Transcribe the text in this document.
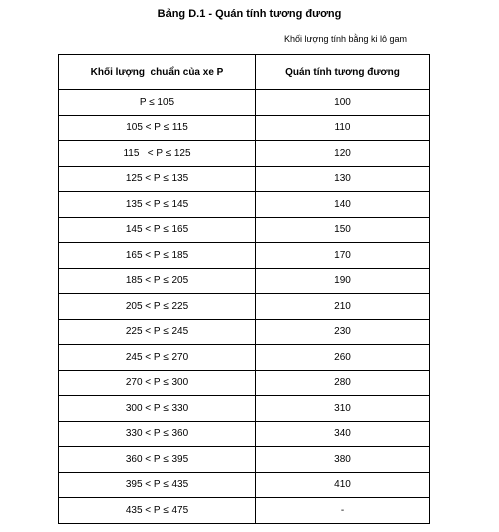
Bảng D.1 - Quán tính tương đương
Khối lượng tính bằng ki lô gam
Khối lượng  chuẩn của xe P	Quán tính tương đương
P ≤ 105	100
105 < P ≤ 115	110
115   < P ≤ 125	120
125 < P ≤ 135	130
135 < P ≤ 145	140
145 < P ≤ 165	150
165 < P ≤ 185	170
185 < P ≤ 205	190
205 < P ≤ 225	210
225 < P ≤ 245	230
245 < P ≤ 270	260
270 < P ≤ 300	280
300 < P ≤ 330	310
330 < P ≤ 360	340
360 < P ≤ 395	380
395 < P ≤ 435	410
435 < P ≤ 475	-
